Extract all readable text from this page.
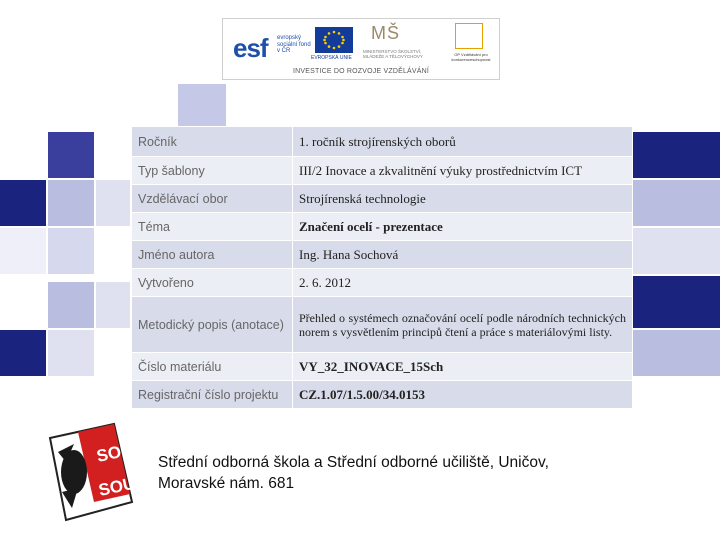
esf evropský sociální fond v ČR
EVROPSKÁ UNIE
MŠ

MINISTERSTVO ŠKOLSTVÍ, MLÁDEŽE A TĚLOVÝCHOVY	OP Vzdělávání pro konkurenceschopnost
INVESTICE DO ROZVOJE VZDĚLÁVÁNÍ
Ročník	1. ročník strojírenských oborů
Typ šablony	III/2 Inovace a zkvalitnění výuky prostřednictvím ICT
Vzdělávací obor	Strojírenská technologie
Téma	Značení ocelí - prezentace
Jméno autora	Ing. Hana Sochová
Vytvořeno	2. 6. 2012
Metodický popis (anotace)	Přehled o systémech označování ocelí podle národních technických norem s vysvětlením principů čtení a práce s materiálovými listy.
Číslo materiálu	VY_32_INOVACE_15Sch
Registrační číslo projektu	CZ.1.07/1.5.00/34.0153
SOŠ
SOU
Střední odborná škola a Střední odborné učiliště, Uničov,
Moravské nám. 681
